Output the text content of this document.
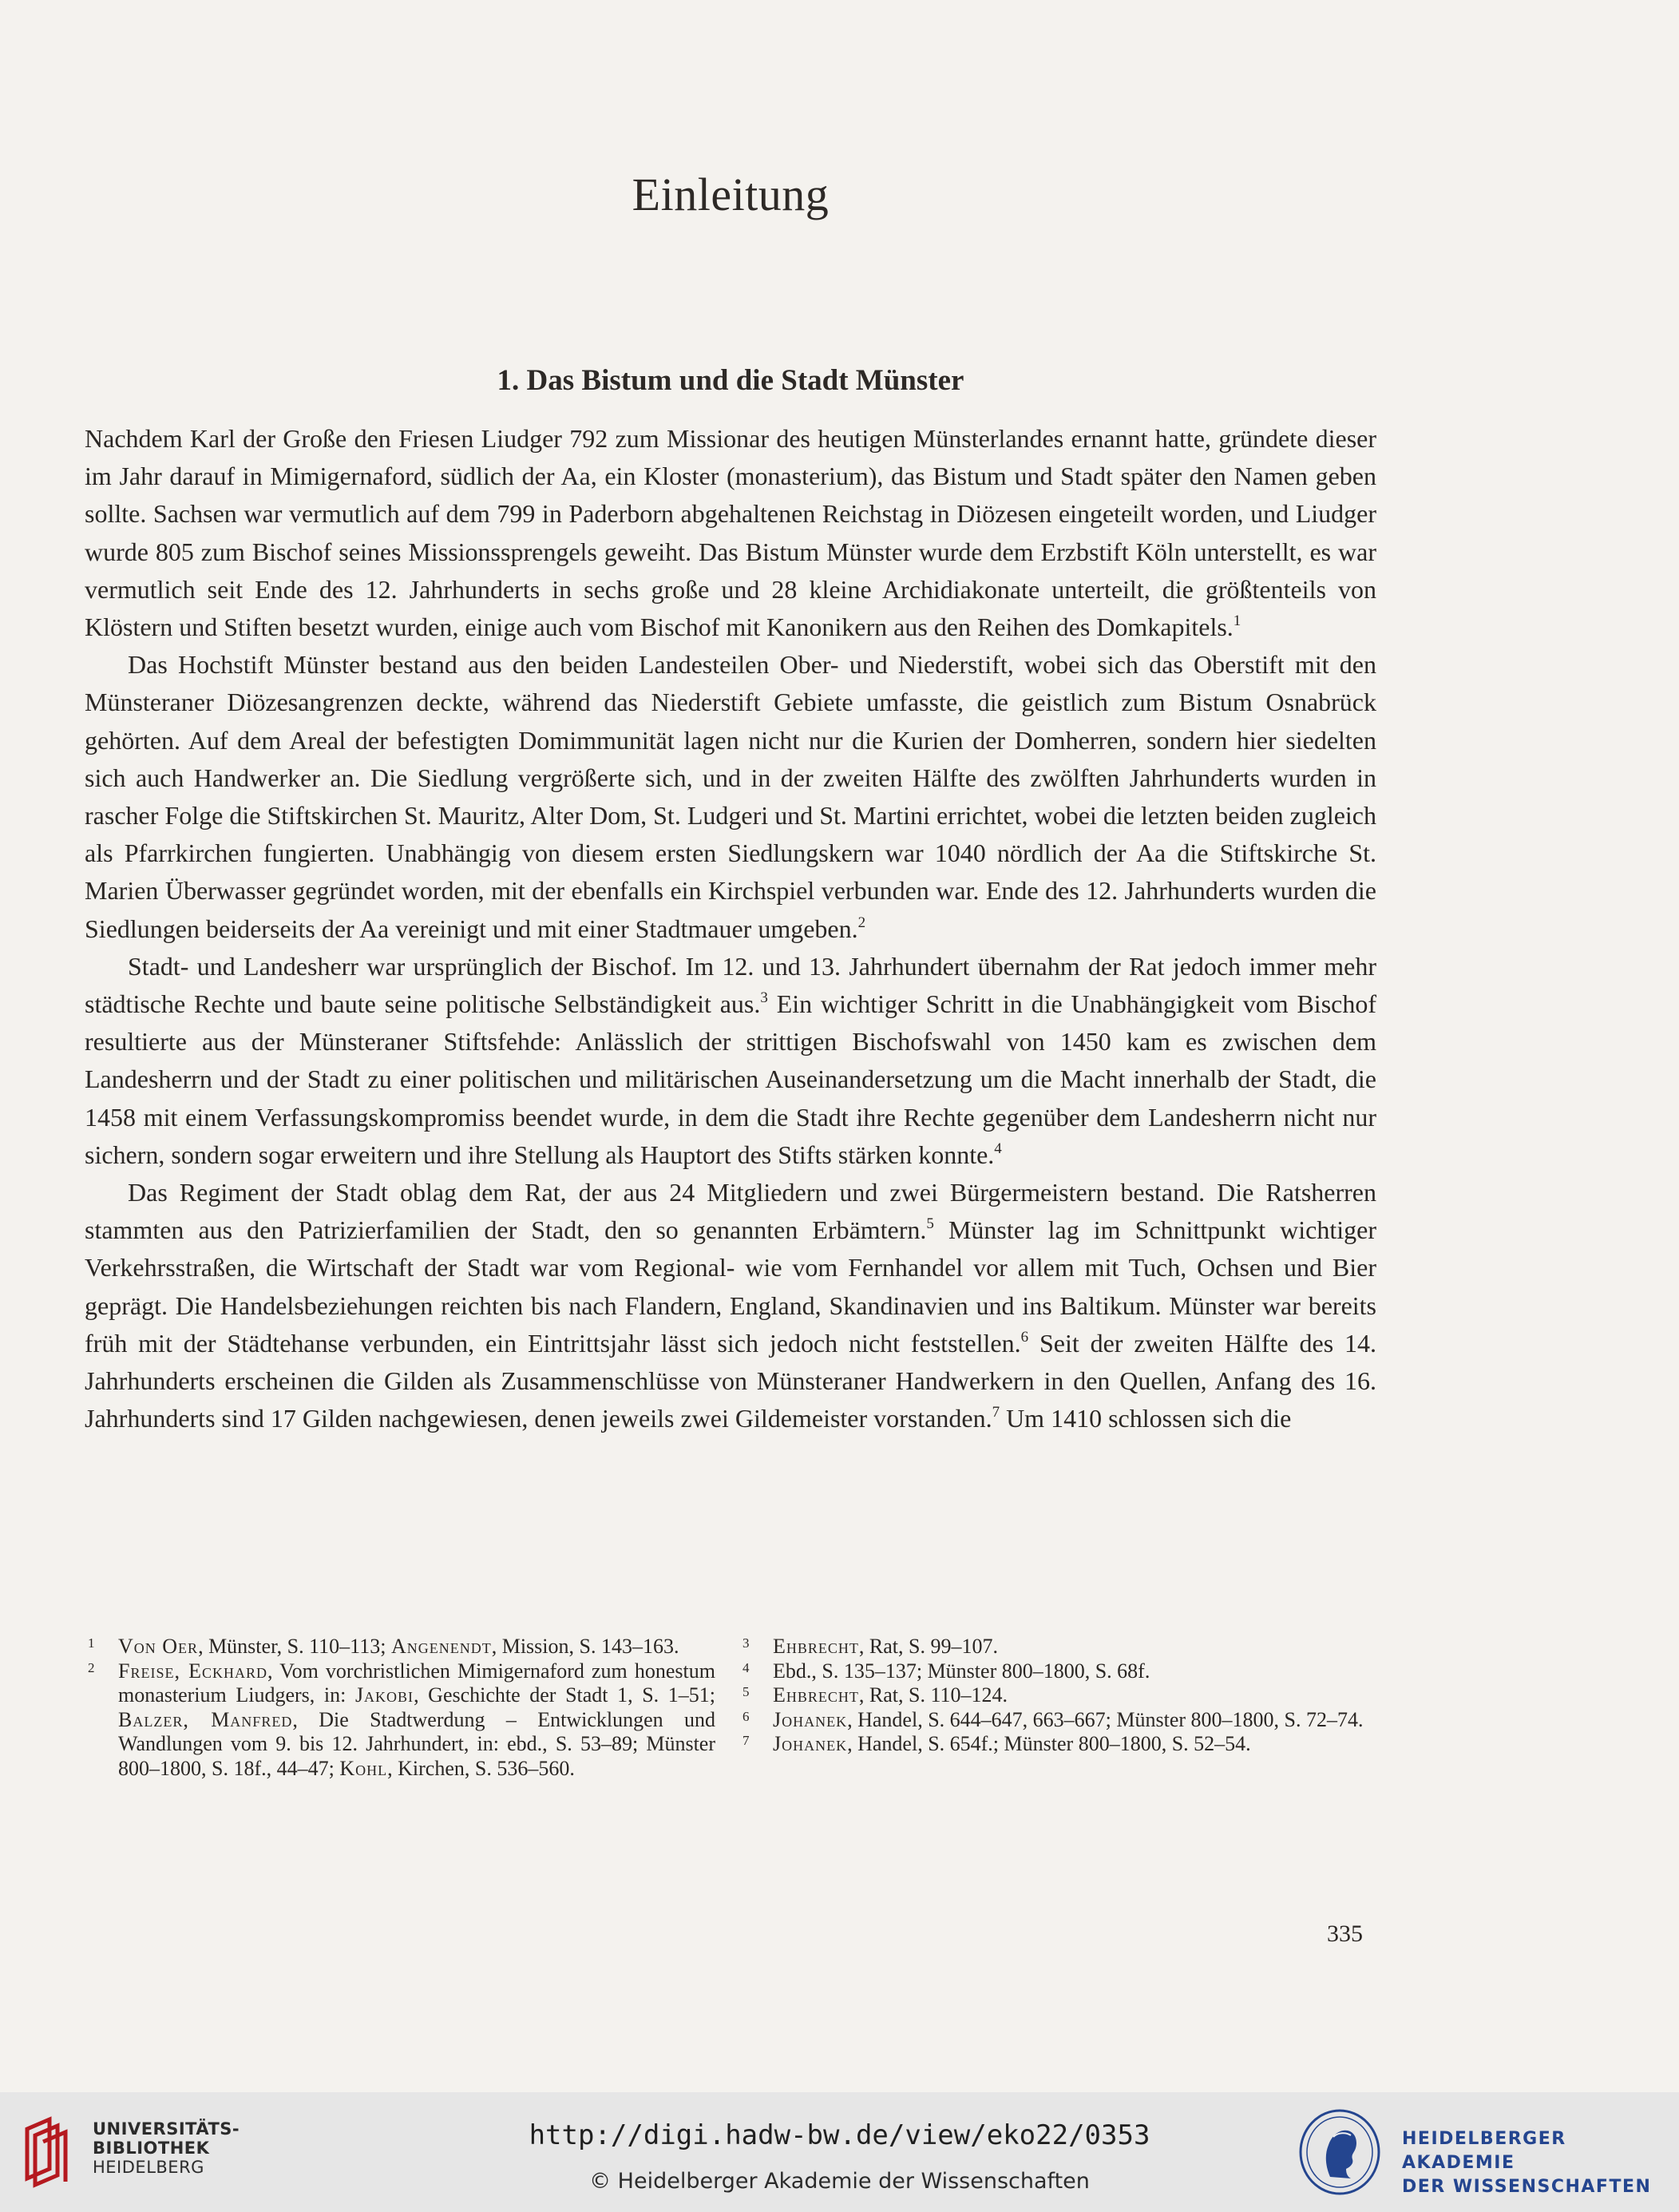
Einleitung
1. Das Bistum und die Stadt Münster

Nachdem Karl der Große den Friesen Liudger 792 zum Missionar des heutigen Münsterlandes ernannt hatte, gründete dieser im Jahr darauf in Mimigernaford, südlich der Aa, ein Kloster (monasterium), das Bistum und Stadt später den Namen geben sollte. Sachsen war vermutlich auf dem 799 in Paderborn abgehaltenen Reichstag in Diözesen eingeteilt worden, und Liudger wurde 805 zum Bischof seines Missionssprengels geweiht. Das Bistum Münster wurde dem Erzbstift Köln unterstellt, es war vermutlich seit Ende des 12. Jahrhunderts in sechs große und 28 kleine Archidiakonate unterteilt, die größtenteils von Klöstern und Stiften besetzt wurden, einige auch vom Bischof mit Kanonikern aus den Reihen des Domkapitels.$^1$

Das Hochstift Münster bestand aus den beiden Landesteilen Ober- und Niederstift, wobei sich das Oberstift mit den Münsteraner Diözesangrenzen deckte, während das Niederstift Gebiete umfasste, die geistlich zum Bistum Osnabrück gehörten. Auf dem Areal der befestigten Domimmunität lagen nicht nur die Kurien der Domherren, sondern hier siedelten sich auch Handwerker an. Die Siedlung vergrößerte sich, und in der zweiten Hälfte des zwölften Jahrhunderts wurden in rascher Folge die Stiftskirchen St. Mauritz, Alter Dom, St. Ludgeri und St. Martini errichtet, wobei die letzten beiden zugleich als Pfarrkirchen fungierten. Unabhängig von diesem ersten Siedlungskern war 1040 nördlich der Aa die Stiftskirche St. Marien Überwasser gegründet worden, mit der ebenfalls ein Kirchspiel verbunden war. Ende des 12. Jahrhunderts wurden die Siedlungen beiderseits der Aa vereinigt und mit einer Stadtmauer umgeben.$^2$

Stadt- und Landesherr war ursprünglich der Bischof. Im 12. und 13. Jahrhundert übernahm der Rat jedoch immer mehr städtische Rechte und baute seine politische Selbständigkeit aus.$^3$ Ein wichtiger Schritt in die Unabhängigkeit vom Bischof resultierte aus der Münsteraner Stiftsfehde: Anlässlich der strittigen Bischofswahl von 1450 kam es zwischen dem Landesherrn und der Stadt zu einer politischen und militärischen Auseinandersetzung um die Macht innerhalb der Stadt, die 1458 mit einem Verfassungskompromiss beendet wurde, in dem die Stadt ihre Rechte gegenüber dem Landesherrn nicht nur sichern, sondern sogar erweitern und ihre Stellung als Hauptort des Stifts stärken konnte.$^4$

Das Regiment der Stadt oblag dem Rat, der aus 24 Mitgliedern und zwei Bürgermeistern bestand. Die Ratsherren stammten aus den Patrizierfamilien der Stadt, den so genannten Erbämtern.$^5$ Münster lag im Schnittpunkt wichtiger Verkehrsstraßen, die Wirtschaft der Stadt war vom Regional- wie vom Fernhandel vor allem mit Tuch, Ochsen und Bier geprägt. Die Handelsbeziehungen reichten bis nach Flandern, England, Skandinavien und ins Baltikum. Münster war bereits früh mit der Städtehanse verbunden, ein Eintrittsjahr lässt sich jedoch nicht feststellen.$^6$ Seit der zweiten Hälfte des 14. Jahrhunderts erscheinen die Gilden als Zusammenschlüsse von Münsteraner Handwerkern in den Quellen, Anfang des 16. Jahrhunderts sind 17 Gilden nachgewiesen, denen jeweils zwei Gildemeister vorstanden.$^7$ Um 1410 schlossen sich die

1	Von Oer, Münster, S. 110–113; Angenendt, Mission, S. 143–163.
2	Freise, Eckhard, Vom vorchristlichen Mimigernaford zum honestum monasterium Liudgers, in: Jakobi, Geschichte der Stadt 1, S. 1–51; Balzer, Manfred, Die Stadtwerdung – Entwicklungen und Wandlungen vom 9. bis 12. Jahrhundert, in: ebd., S. 53–89; Münster 800–1800, S. 18f., 44–47; Kohl, Kirchen, S. 536–560.
3	Ehbrecht, Rat, S. 99–107.
4	Ebd., S. 135–137; Münster 800–1800, S. 68f.
5	Ehbrecht, Rat, S. 110–124.
6	Johanek, Handel, S. 644–647, 663–667; Münster 800–1800, S. 72–74.
7	Johanek, Handel, S. 654f.; Münster 800–1800, S. 52–54.
335
UNIVERSITÄTS-
BIBLIOTHEK
HEIDELBERG
http://digi.hadw-bw.de/view/eko22/0353
© Heidelberger Akademie der Wissenschaften
HEIDELBERGER AKADEMIE
DER WISSENSCHAFTEN
